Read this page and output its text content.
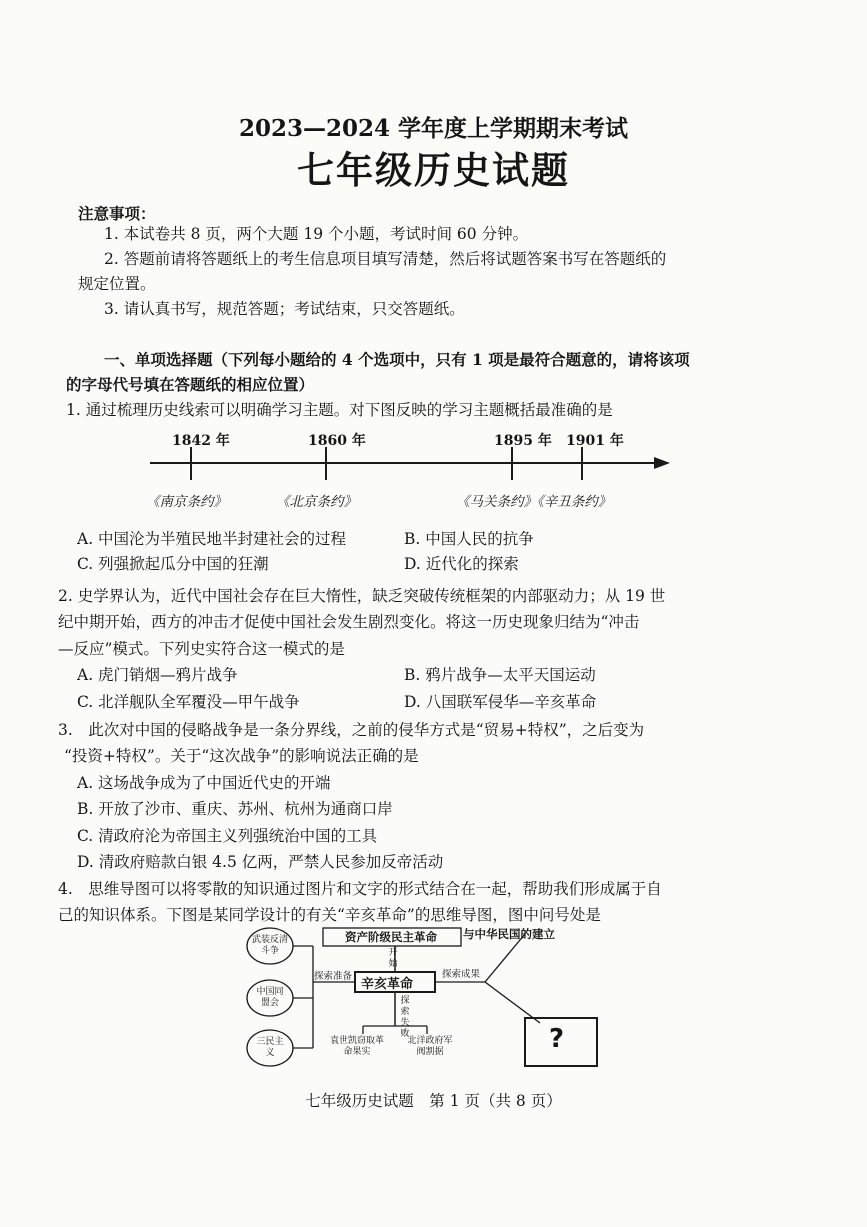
2023—2024 学年度上学期期末考试
七年级历史试题
注意事项：
1. 本试卷共 8 页，两个大题 19 个小题，考试时间 60 分钟。
2. 答题前请将答题纸上的考生信息项目填写清楚，然后将试题答案书写在答题纸的
规定位置。
3. 请认真书写，规范答题；考试结束，只交答题纸。
一、单项选择题（下列每小题给的 4 个选项中，只有 1 项是最符合题意的，请将该项
的字母代号填在答题纸的相应位置）
1. 通过梳理历史线索可以明确学习主题。对下图反映的学习主题概括最准确的是
1842 年	1860 年	1895 年 1901 年
《南京条约》	《北京条约》	《马关条约》《辛丑条约》
A. 中国沦为半殖民地半封建社会的过程	B. 中国人民的抗争
C. 列强掀起瓜分中国的狂潮	D. 近代化的探索
2. 史学界认为，近代中国社会存在巨大惰性，缺乏突破传统框架的内部驱动力；从 19 世
纪中期开始，西方的冲击才促使中国社会发生剧烈变化。将这一历史现象归结为“冲击
—反应”模式。下列史实符合这一模式的是
A. 虎门销烟—鸦片战争	B. 鸦片战争—太平天国运动
C. 北洋舰队全军覆没—甲午战争	D. 八国联军侵华—辛亥革命
3.　此次对中国的侵略战争是一条分界线，之前的侵华方式是“贸易+特权”，之后变为
“投资+特权”。关于“这次战争”的影响说法正确的是
A. 这场战争成为了中国近代史的开端
B. 开放了沙市、重庆、苏州、杭州为通商口岸
C. 清政府沦为帝国主义列强统治中国的工具
D. 清政府赔款白银 4.5 亿两，严禁人民参加反帝活动
4.　思维导图可以将零散的知识通过图片和文字的形式结合在一起，帮助我们形成属于自
己的知识体系。下图是某同学设计的有关“辛亥革命”的思维导图，图中问号处是
资产阶级民主革命 与中华民国的建立
开始
辛亥革命
探索准备	探索成果
探索失败
武装反清斗争
中国同盟会
三民主义
袁世凯窃取革命果实
北洋政府军阀割据	?
七年级历史试题　第 1 页（共 8 页）
